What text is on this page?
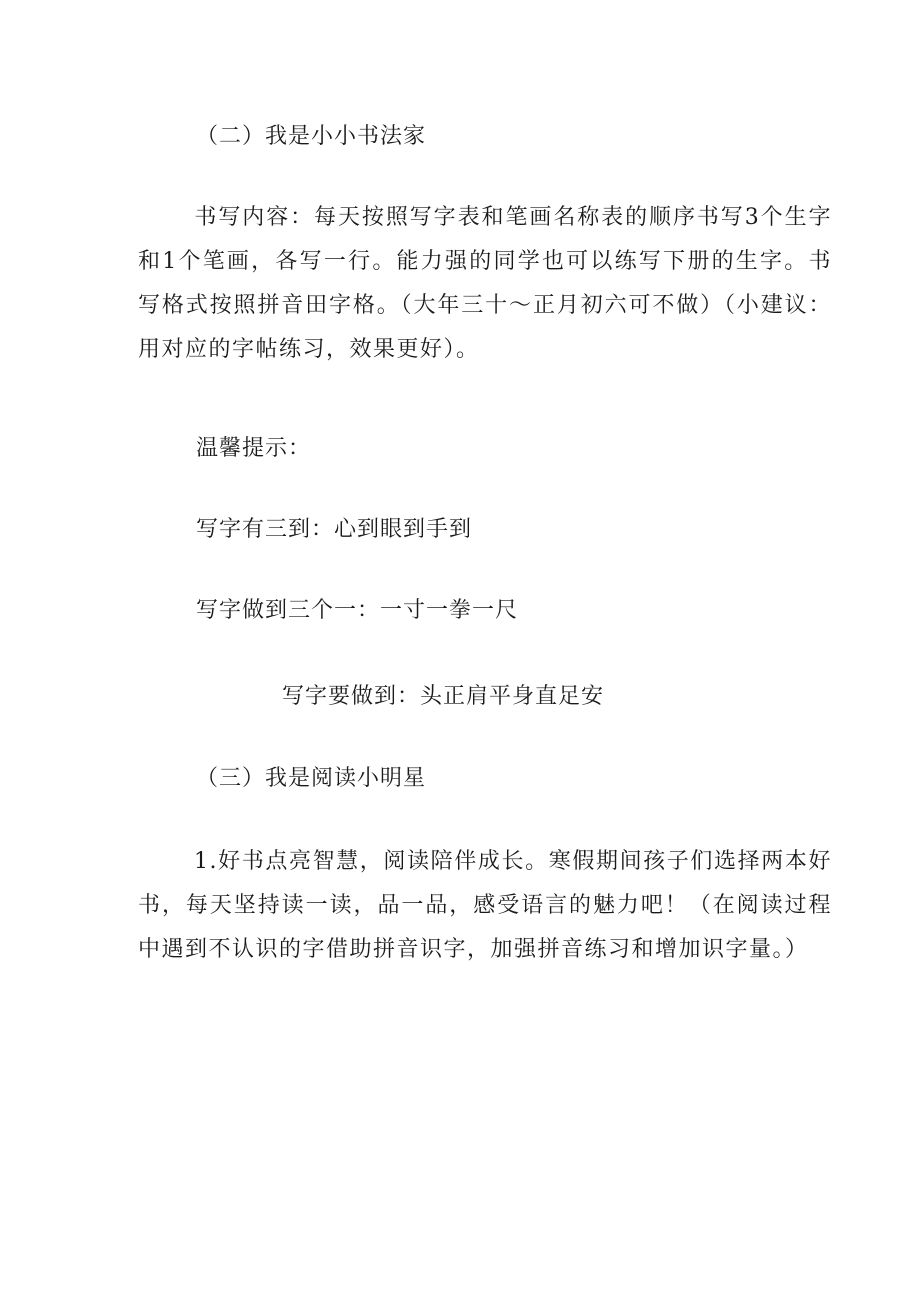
（二）我是小小书法家
书写内容：每天按照写字表和笔画名称表的顺序书写3个生字和1个笔画，各写一行。能力强的同学也可以练写下册的生字。书写格式按照拼音田字格。（大年三十～正月初六可不做）（小建议：用对应的字帖练习，效果更好）。
温馨提示：
写字有三到：心到眼到手到
写字做到三个一：一寸一拳一尺
写字要做到：头正肩平身直足安
（三）我是阅读小明星
1.好书点亮智慧，阅读陪伴成长。寒假期间孩子们选择两本好书，每天坚持读一读，品一品，感受语言的魅力吧！（在阅读过程中遇到不认识的字借助拼音识字，加强拼音练习和增加识字量。）
